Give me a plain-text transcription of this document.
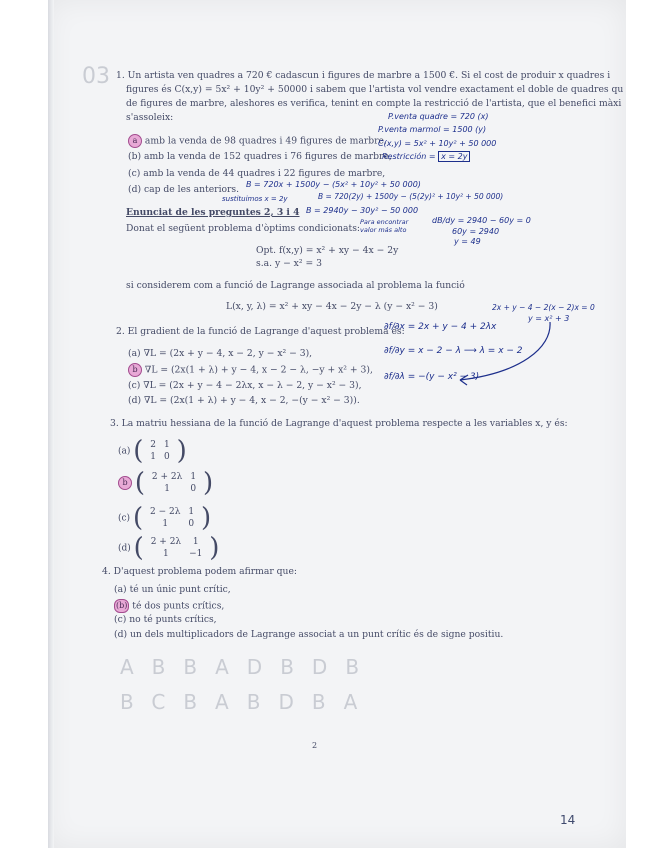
03
ABBADBDB
BCBABDBA
1. Un artista ven quadres a 720 € cadascun i figures de marbre a 1500 €. Si el cost de produir x quadres i
figures és C(x,y) = 5x² + 10y² + 50000 i sabem que l'artista vol vendre exactament el doble de quadres qu
de figures de marbre, aleshores es verifica, tenint en compte la restricció de l'artista, que el benefici màxi
s'assoleix:
a amb la venda de 98 quadres i 49 figures de marbre,
(b) amb la venda de 152 quadres i 76 figures de marbre,
(c) amb la venda de 44 quadres i 22 figures de marbre,
(d) cap de les anteriors.
P.venta quadre = 720 (x)
P.venta marmol = 1500 (y)
C(x,y) = 5x² + 10y² + 50 000
Restricción = x = 2y
B = 720x + 1500y − (5x² + 10y² + 50 000)
sustituimos x = 2y	B = 720(2y) + 1500y − (5(2y)² + 10y² + 50 000)
B = 2940y − 30y² − 50 000
Para encontrar valor más alto
dB/dy = 2940 − 60y = 0
60y = 2940
y = 49
Enunciat de les preguntes 2, 3 i 4
Donat el següent problema d'òptims condicionats:
Opt. f(x,y) = x² + xy − 4x − 2y
s.a. y − x² = 3
si considerem com a funció de Lagrange associada al problema la funció
L(x, y, λ) = x² + xy − 4x − 2y − λ (y − x² − 3)
2. El gradient de la funció de Lagrange d'aquest problema és:
(a) ∇L = (2x + y − 4, x − 2, y − x² − 3),
b ∇L = (2x(1 + λ) + y − 4, x − 2 − λ, −y + x² + 3),
(c) ∇L = (2x + y − 4 − 2λx, x − λ − 2, y − x² − 3),
(d) ∇L = (2x(1 + λ) + y − 4, x − 2, −(y − x² − 3)).
2x + y − 4 − 2(x − 2)x = 0
y = x² + 3
∂f/∂x = 2x + y − 4 + 2λx
∂f/∂y = x − 2 − λ ⟶ λ = x − 2
∂f/∂λ = −(y − x² − 3)
3. La matriu hessiana de la funció de Lagrange d'aquest problema respecte a les variables x, y és:
(a) ( 2	1
1	0 )
b ( 2 + 2λ	1
1	0 )
(c) ( 2 − 2λ	1
1	0 )
(d) ( 2 + 2λ	1
1	−1 )
4. D'aquest problema podem afirmar que:
(a) té un únic punt crític,
(b) té dos punts crítics,
(c) no té punts crítics,
(d) un dels multiplicadors de Lagrange associat a un punt crític és de signe positiu.
2
14
